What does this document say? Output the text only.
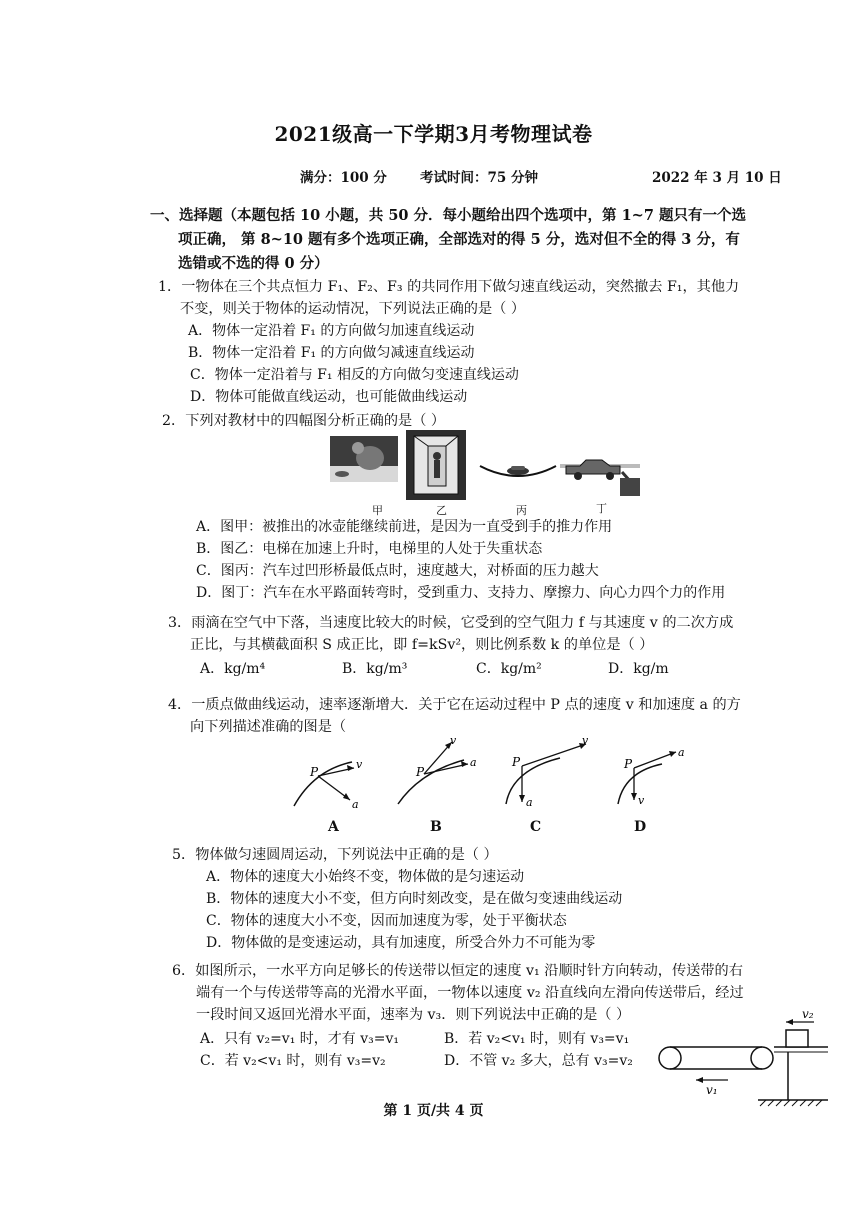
2021级高一下学期3月考物理试卷
满分：100 分 考试时间：75 分钟	2022 年 3 月 10 日
一、选择题（本题包括 10 小题，共 50 分．每小题给出四个选项中，第 1~7 题只有一个选
项正确， 第 8~10 题有多个选项正确，全部选对的得 5 分，选对但不全的得 3 分，有
选错或不选的得 0 分）
1．一物体在三个共点恒力 F₁、F₂、F₃ 的共同作用下做匀速直线运动，突然撤去 F₁，其他力
不变，则关于物体的运动情况，下列说法正确的是（ ）
A．物体一定沿着 F₁ 的方向做匀加速直线运动
B．物体一定沿着 F₁ 的方向做匀减速直线运动
C．物体一定沿着与 F₁ 相反的方向做匀变速直线运动
D．物体可能做直线运动，也可能做曲线运动
2．下列对教材中的四幅图分析正确的是（ ）
甲	乙	丙	丁
A．图甲：被推出的冰壶能继续前进，是因为一直受到手的推力作用
B．图乙：电梯在加速上升时，电梯里的人处于失重状态
C．图丙：汽车过凹形桥最低点时，速度越大，对桥面的压力越大
D．图丁：汽车在水平路面转弯时，受到重力、支持力、摩擦力、向心力四个力的作用
3．雨滴在空气中下落，当速度比较大的时候，它受到的空气阻力 f 与其速度 v 的二次方成
正比，与其横截面积 S 成正比，即 f=kSv²，则比例系数 k 的单位是（ ）
A．kg/m⁴	B．kg/m³	C．kg/m²	D．kg/m
4．一质点做曲线运动，速率逐渐增大．关于它在运动过程中 P 点的速度 v 和加速度 a 的方
向下列描述准确的图是（
P
v
a
P
v
a	P
v
a
P
a
v
A	B	C	D
5．物体做匀速圆周运动，下列说法中正确的是（ ）
A．物体的速度大小始终不变，物体做的是匀速运动
B．物体的速度大小不变，但方向时刻改变，是在做匀变速曲线运动
C．物体的速度大小不变，因而加速度为零，处于平衡状态
D．物体做的是变速运动，具有加速度，所受合外力不可能为零
6．如图所示，一水平方向足够长的传送带以恒定的速度 v₁ 沿顺时针方向转动，传送带的右
端有一个与传送带等高的光滑水平面，一物体以速度 v₂ 沿直线向左滑向传送带后，经过
一段时间又返回光滑水平面，速率为 v₃．则下列说法中正确的是（ ）
A．只有 v₂=v₁ 时，才有 v₃=v₁	B．若 v₂<v₁ 时，则有 v₃=v₁
C．若 v₂<v₁ 时，则有 v₃=v₂	D．不管 v₂ 多大，总有 v₃=v₂
v₂
v₁
第 1 页/共 4 页
